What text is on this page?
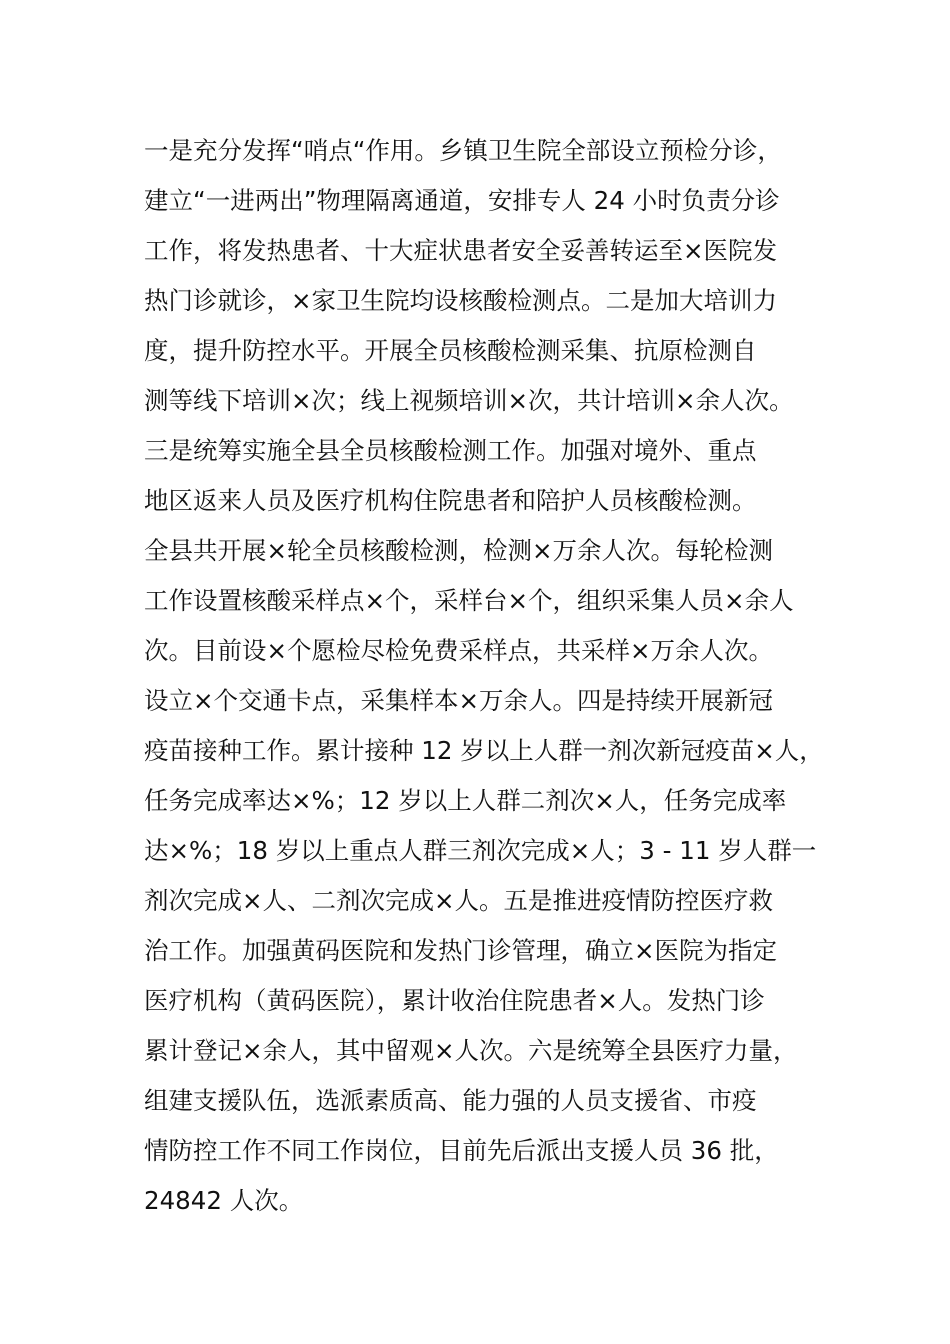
一是充分发挥“哨点“作用。乡镇卫生院全部设立预检分诊，
建立“一进两出”物理隔离通道，安排专人 24 小时负责分诊
工作，将发热患者、十大症状患者安全妥善转运至×医院发
热门诊就诊，×家卫生院均设核酸检测点。二是加大培训力
度，提升防控水平。开展全员核酸检测采集、抗原检测自
测等线下培训×次；线上视频培训×次，共计培训×余人次。
三是统筹实施全县全员核酸检测工作。加强对境外、重点
地区返来人员及医疗机构住院患者和陪护人员核酸检测。
全县共开展×轮全员核酸检测，检测×万余人次。每轮检测
工作设置核酸采样点×个，采样台×个，组织采集人员×余人
次。目前设×个愿检尽检免费采样点，共采样×万余人次。
设立×个交通卡点，采集样本×万余人。四是持续开展新冠
疫苗接种工作。累计接种 12 岁以上人群一剂次新冠疫苗×人，
任务完成率达×%；12 岁以上人群二剂次×人，任务完成率
达×%；18 岁以上重点人群三剂次完成×人；3 - 11 岁人群一
剂次完成×人、二剂次完成×人。五是推进疫情防控医疗救
治工作。加强黄码医院和发热门诊管理，确立×医院为指定
医疗机构（黄码医院），累计收治住院患者×人。发热门诊
累计登记×余人，其中留观×人次。六是统筹全县医疗力量，
组建支援队伍，选派素质高、能力强的人员支援省、市疫
情防控工作不同工作岗位，目前先后派出支援人员 36 批，
24842 人次。
